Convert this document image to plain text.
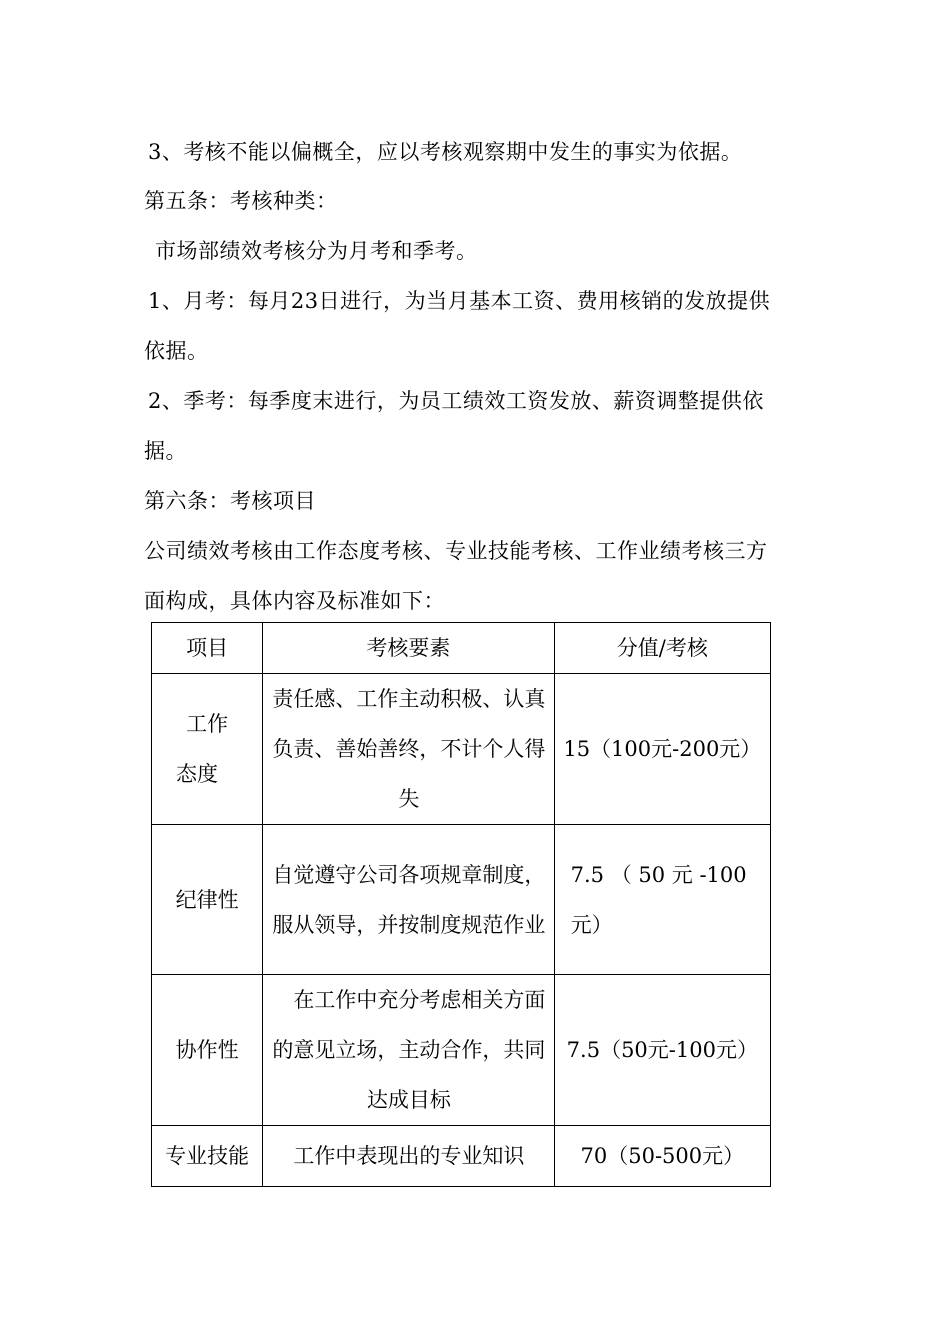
3、考核不能以偏概全，应以考核观察期中发生的事实为依据。
第五条：考核种类：
市场部绩效考核分为月考和季考。
1、月考：每月23日进行，为当月基本工资、费用核销的发放提供
依据。
2、季考：每季度末进行，为员工绩效工资发放、薪资调整提供依
据。
第六条：考核项目
公司绩效考核由工作态度考核、专业技能考核、工作业绩考核三方
面构成，具体内容及标准如下：
项目	考核要素	分值/考核

工作
态度	责任感、工作主动积极、认真负责、善始善终，不计个人得失	15（100元-200元）
纪律性	自觉遵守公司各项规章制度，服从领导，并按制度规范作业	7.5 （ 50 元 -100元）
协作性	在工作中充分考虑相关方面的意见立场，主动合作，共同达成目标	7.5（50元-100元）
专业技能	工作中表现出的专业知识	70（50-500元）
